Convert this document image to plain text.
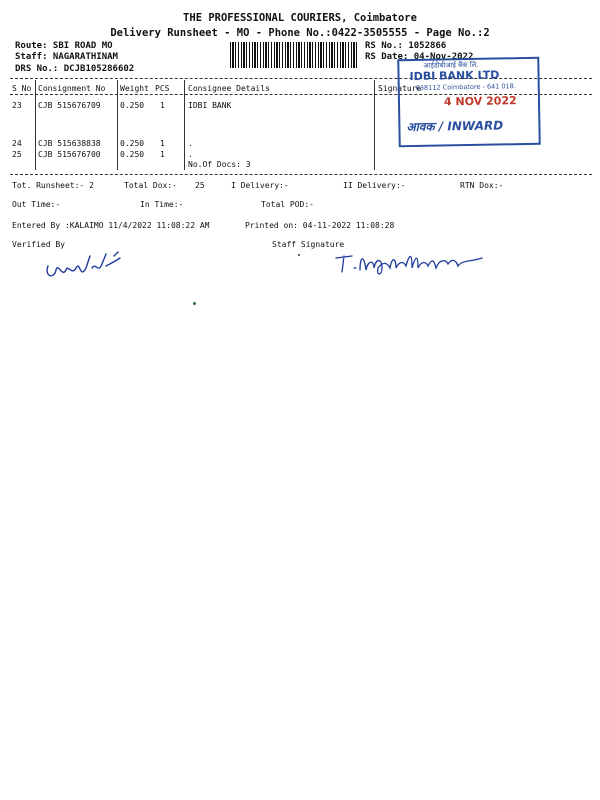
THE PROFESSIONAL COURIERS, Coimbatore
Delivery Runsheet - MO - Phone No.:0422-3505555 - Page No.:2
Route: SBI ROAD MO
Staff: NAGARATHINAM
DRS No.: DCJB105286602
RS No.: 1052866
RS Date: 04-Nov-2022
S No Consignment No Weight PCS Consignee Details	Signature
23 CJB 515676709 0.250 1	IDBI BANK
24 CJB 515638838 0.250 1	.
25 CJB 515676700 0.250 1	.
No.Of Docs: 3
Tot. Runsheet:- 2	Total Dox:- 25	I Delivery:-	II Delivery:-	RTN Dox:-
Out Time:-	In Time:-	Total POD:-
Entered By :KALAIMO 11/4/2022 11:08:22 AM	Printed on: 04-11-2022 11:08:28
Verified By	Staff Signature
आईडीबीआई बैंक लि.
IDBI BANK LTD
638112 Coimbatore - 641 018.
4 NOV 2022
आवक / INWARD
